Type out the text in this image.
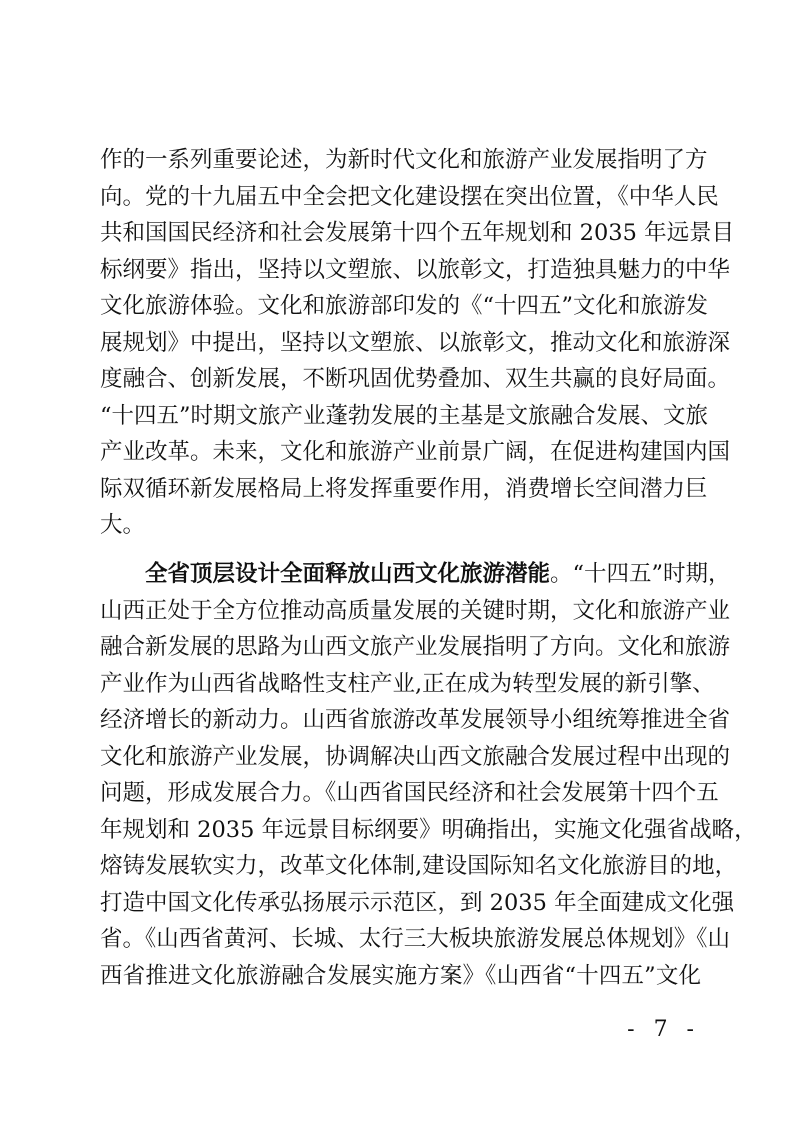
作的一系列重要论述，为新时代文化和旅游产业发展指明了方
向。党的十九届五中全会把文化建设摆在突出位置，《中华人民
共和国国民经济和社会发展第十四个五年规划和 2035 年远景目
标纲要》指出，坚持以文塑旅、以旅彰文，打造独具魅力的中华
文化旅游体验。文化和旅游部印发的《“十四五”文化和旅游发
展规划》中提出，坚持以文塑旅、以旅彰文，推动文化和旅游深
度融合、创新发展，不断巩固优势叠加、双生共赢的良好局面。
“十四五”时期文旅产业蓬勃发展的主基是文旅融合发展、文旅
产业改革。未来，文化和旅游产业前景广阔，在促进构建国内国
际双循环新发展格局上将发挥重要作用，消费增长空间潜力巨
大。
全省顶层设计全面释放山西文化旅游潜能。“十四五”时期，
山西正处于全方位推动高质量发展的关键时期，文化和旅游产业
融合新发展的思路为山西文旅产业发展指明了方向。文化和旅游
产业作为山西省战略性支柱产业,正在成为转型发展的新引擎、
经济增长的新动力。山西省旅游改革发展领导小组统筹推进全省
文化和旅游产业发展，协调解决山西文旅融合发展过程中出现的
问题，形成发展合力。《山西省国民经济和社会发展第十四个五
年规划和 2035 年远景目标纲要》明确指出，实施文化强省战略，
熔铸发展软实力，改革文化体制,建设国际知名文化旅游目的地，
打造中国文化传承弘扬展示示范区，到 2035 年全面建成文化强
省。《山西省黄河、长城、太行三大板块旅游发展总体规划》《山
西省推进文化旅游融合发展实施方案》《山西省“十四五”文化
- 7 -
